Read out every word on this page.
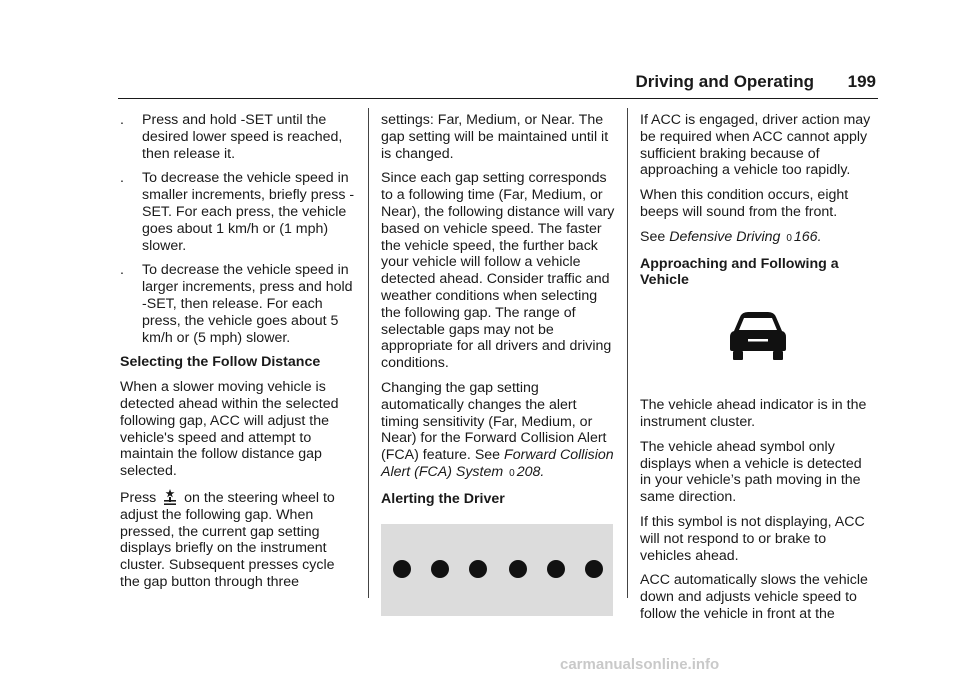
Driving and Operating 199
. Press and hold -SET until the desired lower speed is reached, then release it.
. To decrease the vehicle speed in smaller increments, briefly press -SET. For each press, the vehicle goes about 1 km/h or (1 mph) slower.
. To decrease the vehicle speed in larger increments, press and hold -SET, then release. For each press, the vehicle goes about 5 km/h or (5 mph) slower.

Selecting the Follow Distance

When a slower moving vehicle is detected ahead within the selected following gap, ACC will adjust the vehicle's speed and attempt to maintain the follow distance gap selected.

Press on the steering wheel to adjust the following gap. When pressed, the current gap setting displays briefly on the instrument cluster. Subsequent presses cycle the gap button through three

settings: Far, Medium, or Near. The gap setting will be maintained until it is changed.

Since each gap setting corresponds to a following time (Far, Medium, or Near), the following distance will vary based on vehicle speed. The faster the vehicle speed, the further back your vehicle will follow a vehicle detected ahead. Consider traffic and weather conditions when selecting the following gap. The range of selectable gaps may not be appropriate for all drivers and driving conditions.

Changing the gap setting automatically changes the alert timing sensitivity (Far, Medium, or Near) for the Forward Collision Alert (FCA) feature. See Forward Collision Alert (FCA) System 0 208.

Alerting the Driver

If ACC is engaged, driver action may be required when ACC cannot apply sufficient braking because of approaching a vehicle too rapidly.

When this condition occurs, eight beeps will sound from the front.

See Defensive Driving 0 166.

Approaching and Following a Vehicle

The vehicle ahead indicator is in the instrument cluster.

The vehicle ahead symbol only displays when a vehicle is detected in your vehicle’s path moving in the same direction.

If this symbol is not displaying, ACC will not respond to or brake to vehicles ahead.

ACC automatically slows the vehicle down and adjusts vehicle speed to follow the vehicle in front at the

carmanualsonline.info
